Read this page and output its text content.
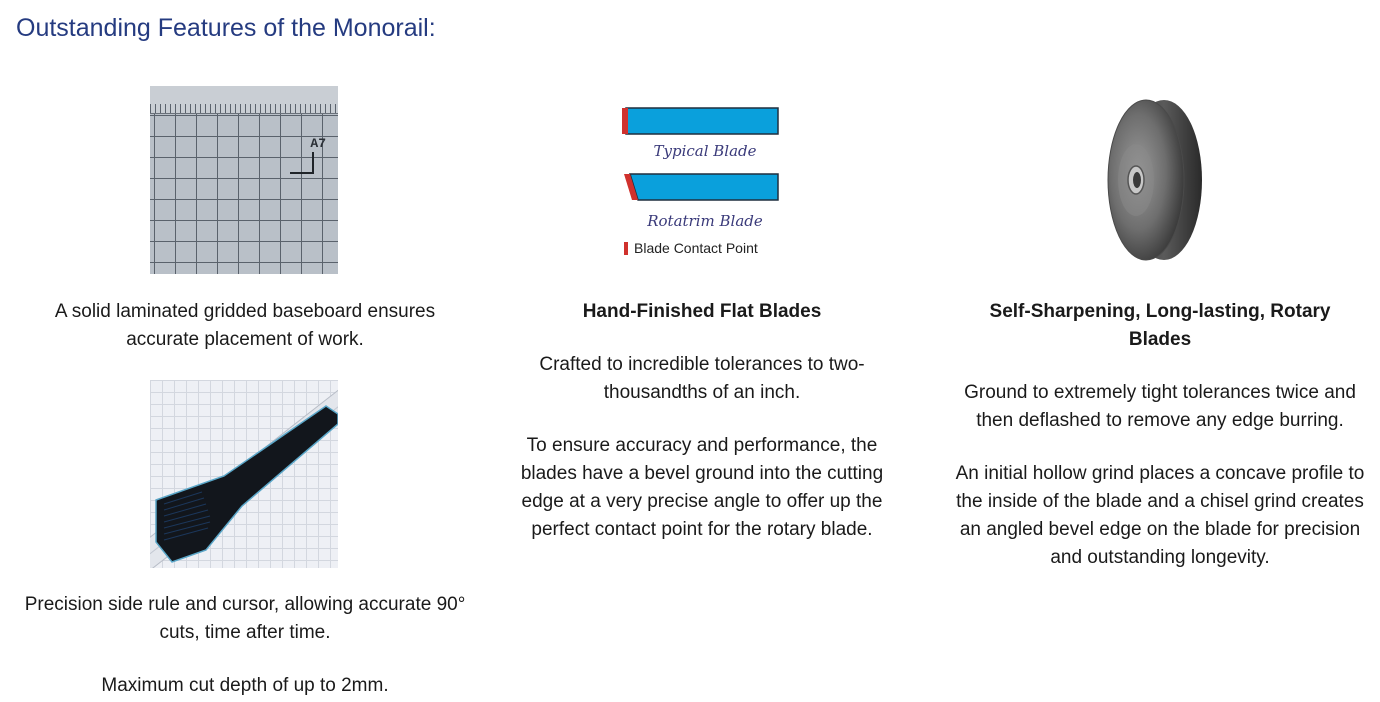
Outstanding Features of the Monorail:
A7	Typical Blade
Rotatrim Blade
Blade Contact Point

A solid laminated gridded baseboard ensures accurate placement of work.

Precision side rule and cursor, allowing accurate 90° cuts, time after time.

Maximum cut depth of up to 2mm.

Hand-Finished Flat Blades

Crafted to incredible tolerances to two-thousandths of an inch.

To ensure accuracy and performance, the blades have a bevel ground into the cutting edge at a very precise angle to offer up the perfect contact point for the rotary blade.

Self-Sharpening, Long-lasting, Rotary Blades

Ground to extremely tight tolerances twice and then deflashed to remove any edge burring.

An initial hollow grind places a concave profile to the inside of the blade and a chisel grind creates an angled bevel edge on the blade for precision and outstanding longevity.
